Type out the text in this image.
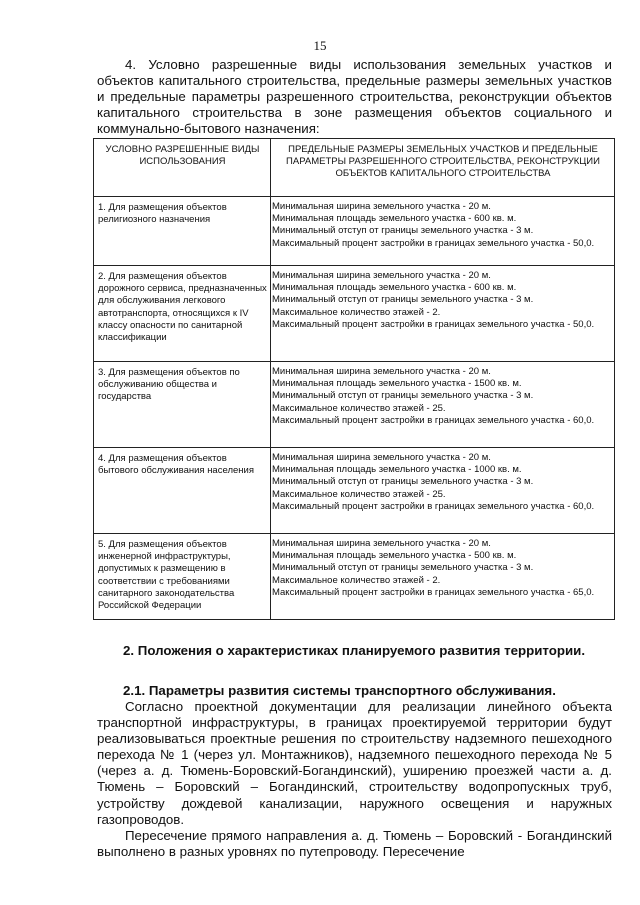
15

4. Условно разрешенные виды использования земельных участков и объектов капитального строительства, предельные размеры земельных участков и предельные параметры разрешенного строительства, реконструкции объектов капитального строительства в зоне размещения объектов социального и коммунально-бытового назначения:

УСЛОВНО РАЗРЕШЕННЫЕ ВИДЫ ИСПОЛЬЗОВАНИЯ	ПРЕДЕЛЬНЫЕ РАЗМЕРЫ ЗЕМЕЛЬНЫХ УЧАСТКОВ И ПРЕДЕЛЬНЫЕ ПАРАМЕТРЫ РАЗРЕШЕННОГО СТРОИТЕЛЬСТВА, РЕКОНСТРУКЦИИ ОБЪЕКТОВ КАПИТАЛЬНОГО СТРОИТЕЛЬСТВА
1. Для размещения объектов религиозного назначения	Минимальная ширина земельного участка - 20 м.
Минимальная площадь земельного участка - 600 кв. м.
Минимальный отступ от границы земельного участка - 3 м.
Максимальный процент застройки в границах земельного участка - 50,0.

2. Для размещения объектов дорожного сервиса, предназначенных для обслуживания легкового автотранспорта, относящихся к IV классу опасности по санитарной классификации	Минимальная ширина земельного участка - 20 м.
Минимальная площадь земельного участка - 600 кв. м.
Минимальный отступ от границы земельного участка - 3 м.
Максимальное количество этажей - 2.
Максимальный процент застройки в границах земельного участка - 50,0.

3. Для размещения объектов по обслуживанию общества и государства	Минимальная ширина земельного участка - 20 м.
Минимальная площадь земельного участка - 1500 кв. м.
Минимальный отступ от границы земельного участка - 3 м.
Максимальное количество этажей - 25.
Максимальный процент застройки в границах земельного участка - 60,0.

4. Для размещения объектов бытового обслуживания населения	Минимальная ширина земельного участка - 20 м.
Минимальная площадь земельного участка - 1000 кв. м.
Минимальный отступ от границы земельного участка - 3 м.
Максимальное количество этажей - 25.
Максимальный процент застройки в границах земельного участка - 60,0.

5. Для размещения объектов инженерной инфраструктуры, допустимых к размещению в соответствии с требованиями санитарного законодательства Российской Федерации	Минимальная ширина земельного участка - 20 м.
Минимальная площадь земельного участка - 500 кв. м.
Минимальный отступ от границы земельного участка - 3 м.
Максимальное количество этажей - 2.
Максимальный процент застройки в границах земельного участка - 65,0.
2. Положения о характеристиках планируемого развития территории.
2.1. Параметры развития системы транспортного обслуживания.

Согласно проектной документации для реализации линейного объекта транспортной инфраструктуры, в границах проектируемой территории будут реализовываться проектные решения по строительству надземного пешеходного перехода № 1 (через ул. Монтажников), надземного пешеходного перехода № 5 (через а. д. Тюмень-Боровский-Богандинский), уширению проезжей части а. д. Тюмень – Боровский – Богандинский, строительству водопропускных труб, устройству дождевой канализации, наружного освещения и наружных газопроводов.

Пересечение прямого направления а. д. Тюмень – Боровский - Богандинский выполнено в разных уровнях по путепроводу. Пересечение
